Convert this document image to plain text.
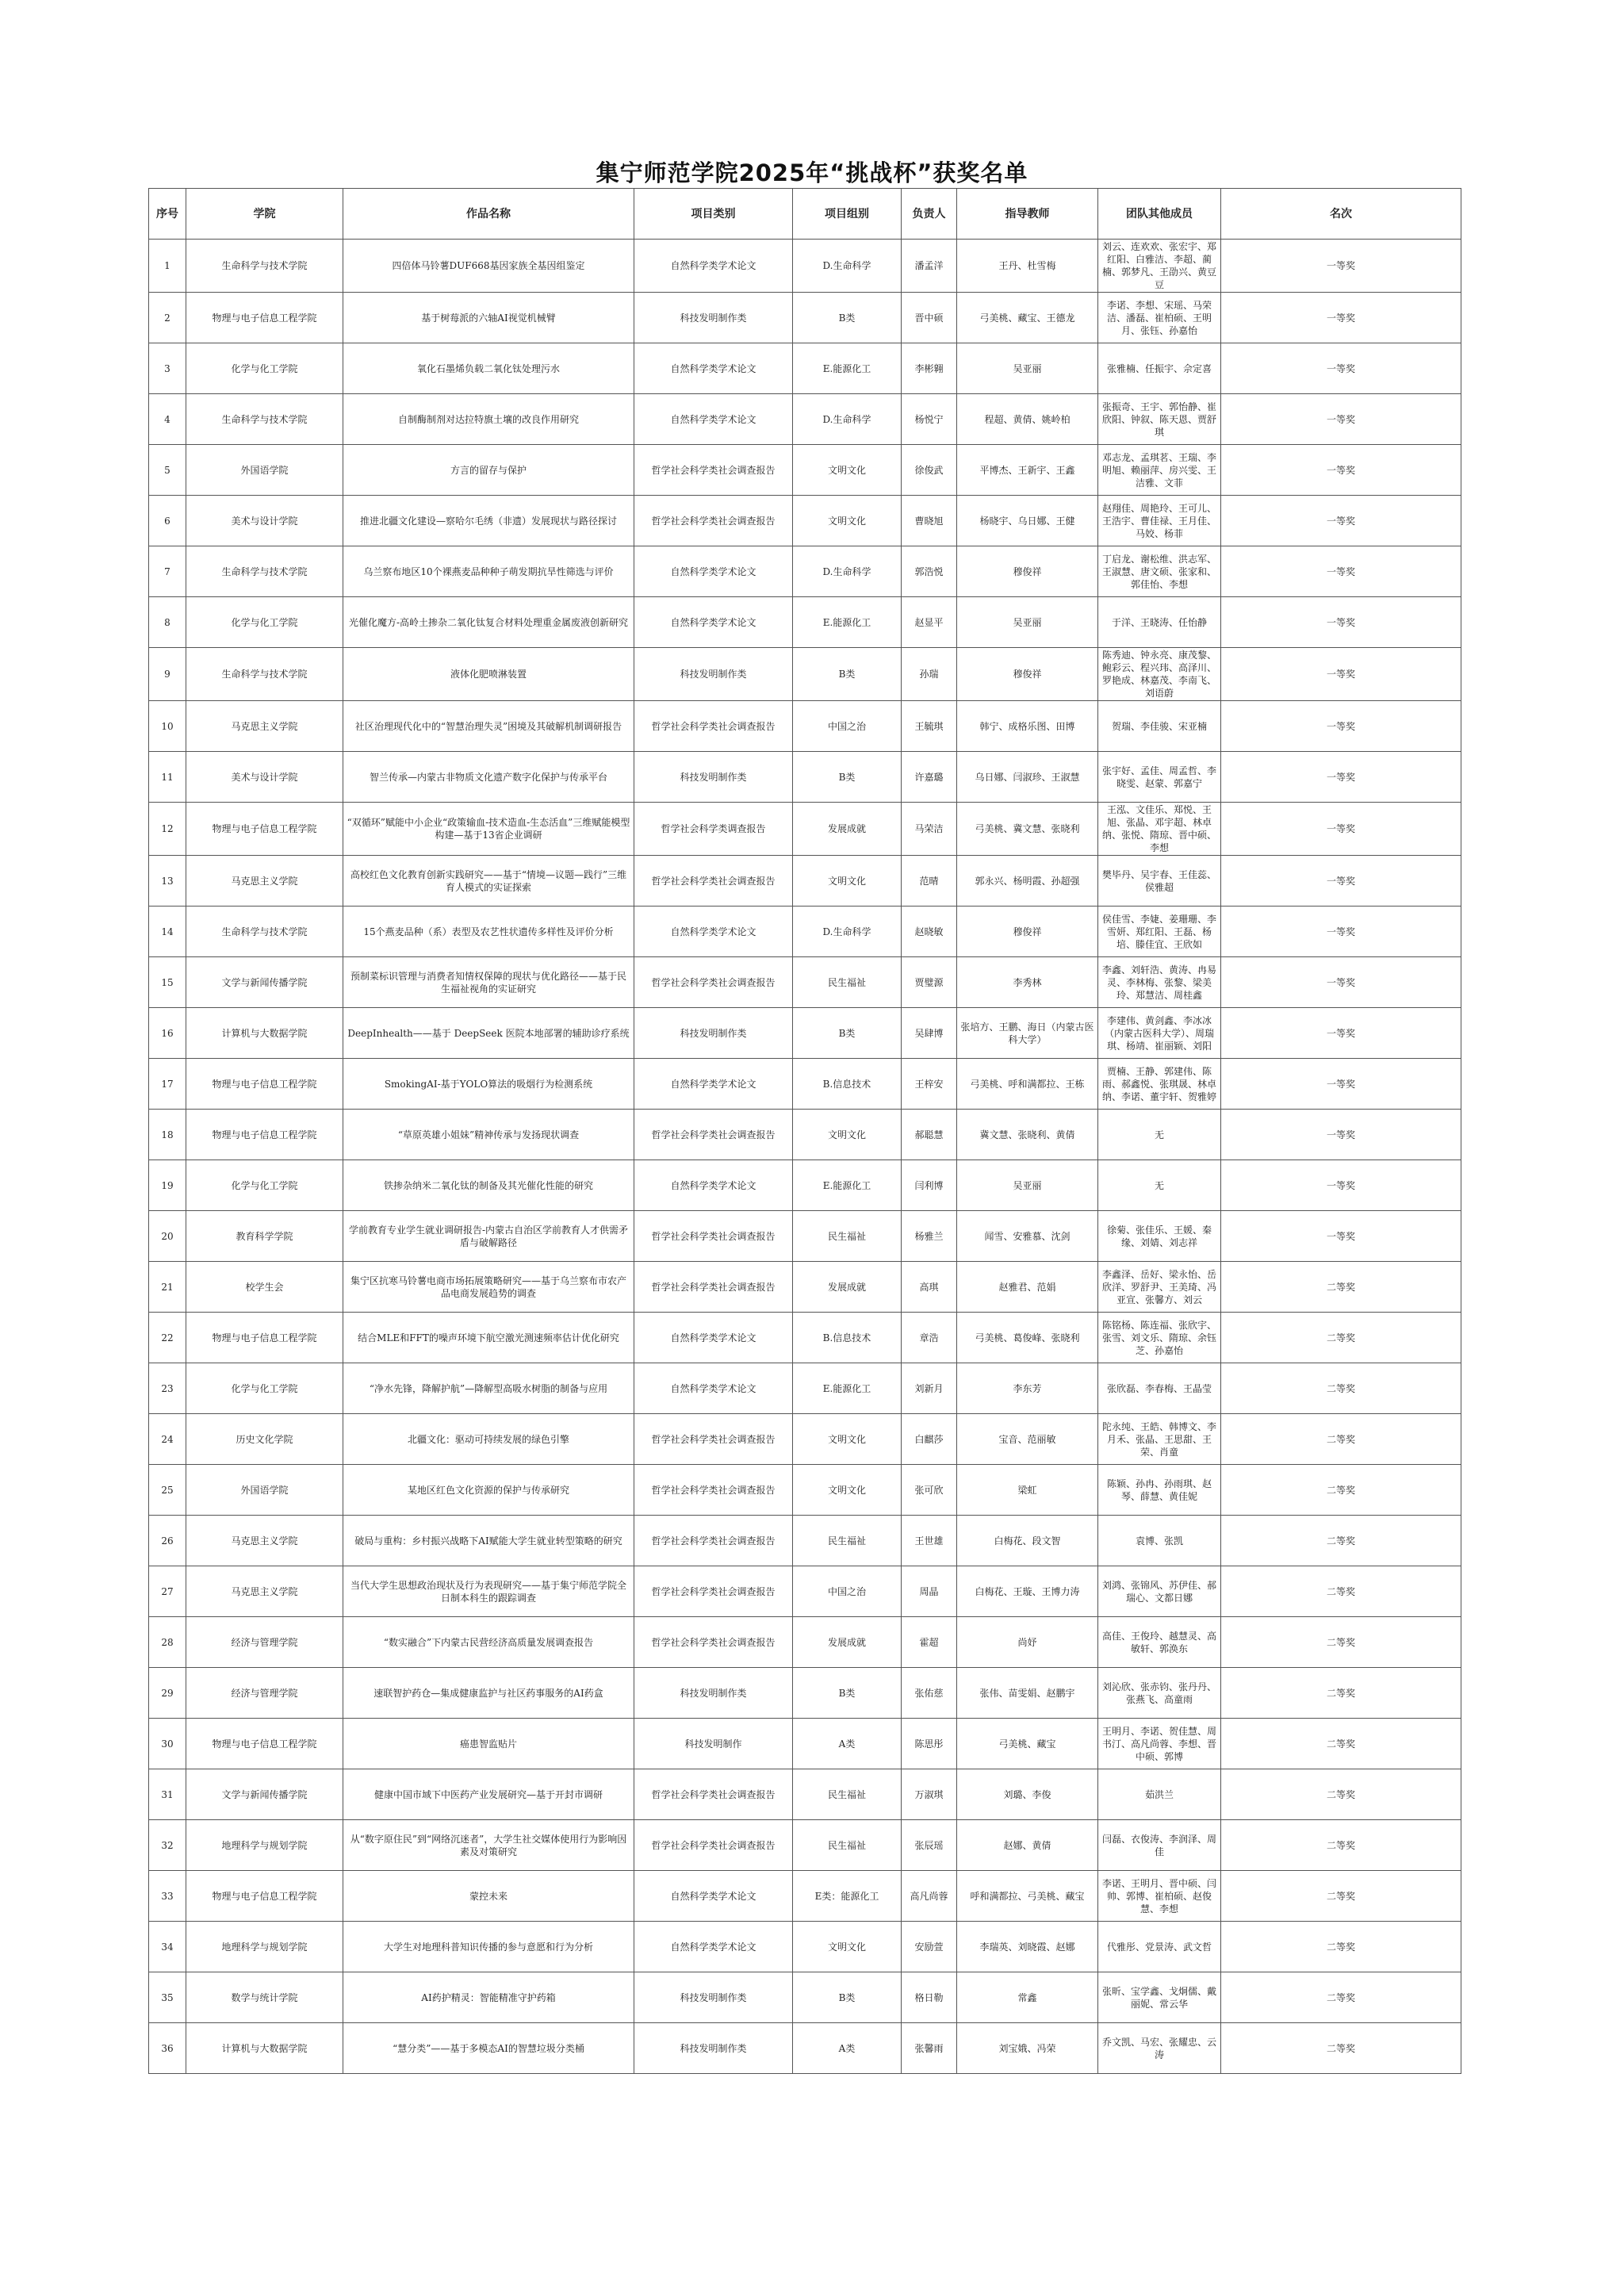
集宁师范学院2025年“挑战杯”获奖名单
序号	学院	作品名称	项目类别	项目组别	负责人	指导教师	团队其他成员	名次
1	生命科学与技术学院	四倍体马铃薯DUF668基因家族全基因组鉴定	自然科学类学术论文	D.生命科学	潘孟洋	王丹、杜雪梅	刘云、连欢欢、张宏宇、郑红阳、白雅洁、李超、蔺楠、郭梦凡、王劭兴、黄豆豆	一等奖
2	物理与电子信息工程学院	基于树莓派的六轴AI视觉机械臂	科技发明制作类	B类	晋中硕	弓美桃、藏宝、王德龙	李诺、李想、宋瑶、马荣洁、潘磊、崔柏硕、王明月、张钰、孙嘉怡	一等奖
3	化学与化工学院	氧化石墨烯负载二氧化钛处理污水	自然科学类学术论文	E.能源化工	李彬翱	吴亚丽	张雅楠、任振宇、佘定喜	一等奖
4	生命科学与技术学院	自制酶制剂对达拉特旗土壤的改良作用研究	自然科学类学术论文	D.生命科学	杨悦宁	程超、黄倩、姚岭柏	张振奇、王宇、郭怡静、崔欣阳、钟叙、陈天恩、贾舒琪	一等奖
5	外国语学院	方言的留存与保护	哲学社会科学类社会调查报告	文明文化	徐俊武	平博杰、王新宇、王鑫	邓志龙、孟琪茗、王瑞、李明旭、赖丽萍、房兴雯、王洁雅、文菲	一等奖
6	美术与设计学院	推进北疆文化建设—察哈尔毛绣（非遗）发展现状与路径探讨	哲学社会科学类社会调查报告	文明文化	曹晓旭	杨晓宇、乌日娜、王健	赵翔佳、周艳玲、王可儿、王浩宇、曹佳禄、王月佳、马姣、杨菲	一等奖
7	生命科学与技术学院	乌兰察布地区10个裸燕麦品种种子萌发期抗旱性筛选与评价	自然科学类学术论文	D.生命科学	郭浩悦	穆俊祥	丁启龙、谢松维、洪志军、王淑慧、唐文硕、张家和、郭佳怡、李想	一等奖
8	化学与化工学院	光催化魔方-高岭土掺杂二氧化钛复合材料处理重金属废液创新研究	自然科学类学术论文	E.能源化工	赵显平	吴亚丽	于洋、王晓涛、任怡静	一等奖
9	生命科学与技术学院	液体化肥喷淋装置	科技发明制作类	B类	孙瑞	穆俊祥	陈秀迪、钟永亮、康茂黎、鲍彩云、程兴玮、高泽川、罗艳成、林嘉茂、李南飞、刘语蔚	一等奖
10	马克思主义学院	社区治理现代化中的“智慧治理失灵”困境及其破解机制调研报告	哲学社会科学类社会调查报告	中国之治	王毓琪	韩宁、成格乐图、田博	贺瑞、李佳骏、宋亚楠	一等奖
11	美术与设计学院	智兰传承—内蒙古非物质文化遗产数字化保护与传承平台	科技发明制作类	B类	许嘉璐	乌日娜、闫淑珍、王淑慧	张宇好、孟佳、周孟哲、李晓雯、赵蒙、郭嘉宁	一等奖
12	物理与电子信息工程学院	“双循环”赋能中小企业“政策输血-技术造血-生态活血”三维赋能模型构建—基于13省企业调研	哲学社会科学类调查报告	发展成就	马荣洁	弓美桃、冀文慧、张晓利	王泓、文佳乐、郑悦、王旭、张晶、邓宇超、林卓纳、张悦、隋琼、晋中硕、李想	一等奖
13	马克思主义学院	高校红色文化教育创新实践研究——基于“情境—议题—践行”三维育人模式的实证探索	哲学社会科学类社会调查报告	文明文化	范晴	郭永兴、杨明霞、孙超强	樊毕丹、吴宇春、王佳蕊、侯雅超	一等奖
14	生命科学与技术学院	15个燕麦品种（系）表型及农艺性状遗传多样性及评价分析	自然科学类学术论文	D.生命科学	赵晓敏	穆俊祥	侯佳雪、李婕、姜珊珊、李雪妍、郑红阳、王磊、杨培、滕佳宜、王欣如	一等奖
15	文学与新闻传播学院	预制菜标识管理与消费者知情权保障的现状与优化路径——基于民生福祉视角的实证研究	哲学社会科学类社会调查报告	民生福祉	贾璧源	李秀林	李鑫、刘轩浩、黄涛、冉易灵、李林梅、张黎、梁美玲、郑慧洁、周桂鑫	一等奖
16	计算机与大数据学院	DeepInhealth——基于 DeepSeek 医院本地部署的辅助诊疗系统	科技发明制作类	B类	吴肆博	张培方、王鹏、海日（内蒙古医科大学）	李建伟、黄剑鑫、李冰冰（内蒙古医科大学）、周瑞琪、杨靖、崔丽颖、刘阳	一等奖
17	物理与电子信息工程学院	SmokingAI-基于YOLO算法的吸烟行为检测系统	自然科学类学术论文	B.信息技术	王梓安	弓美桃、呼和满都拉、王栋	贾楠、王静、郭建伟、陈雨、郝鑫悦、张琪晟、林卓纳、李诺、董宇轩、贺雅婷	一等奖
18	物理与电子信息工程学院	“草原英雄小姐妹”精神传承与发扬现状调查	哲学社会科学类社会调查报告	文明文化	郝聪慧	冀文慧、张晓利、黄倩	无	一等奖
19	化学与化工学院	铁掺杂纳米二氧化钛的制备及其光催化性能的研究	自然科学类学术论文	E.能源化工	闫利博	吴亚丽	无	一等奖
20	教育科学学院	学前教育专业学生就业调研报告-内蒙古自治区学前教育人才供需矛盾与破解路径	哲学社会科学类社会调查报告	民生福祉	杨雅兰	闻雪、安雅慕、沈剑	徐菊、张佳乐、王媛、秦缘、刘婧、刘志祥	一等奖
21	校学生会	集宁区抗寒马铃薯电商市场拓展策略研究——基于乌兰察布市农产品电商发展趋势的调查	哲学社会科学类社会调查报告	发展成就	高琪	赵雅君、范娟	李鑫泽、岳好、梁永怡、岳欣洋、罗舒尹、王美琦、冯亚宣、张馨方、刘云	二等奖
22	物理与电子信息工程学院	结合MLE和FFT的噪声环境下航空激光测速频率估计优化研究	自然科学类学术论文	B.信息技术	章浩	弓美桃、葛俊峰、张晓利	陈铭杨、陈连福、张欣宇、张雪、刘文乐、隋琼、余钰芝、孙嘉怡	二等奖
23	化学与化工学院	“净水先锋，降解护航”—降解型高吸水树脂的制备与应用	自然科学类学术论文	E.能源化工	刘新月	李东芳	张欣磊、李春梅、王晶莹	二等奖
24	历史文化学院	北疆文化：驱动可持续发展的绿色引擎	哲学社会科学类社会调查报告	文明文化	白麒莎	宝音、范丽敏	陀永纯、王皓、韩博文、李月禾、张晶、王思甜、王荣、肖童	二等奖
25	外国语学院	某地区红色文化资源的保护与传承研究	哲学社会科学类社会调查报告	文明文化	张可欣	梁虹	陈颖、孙冉、孙雨琪、赵琴、薛慧、黄佳妮	二等奖
26	马克思主义学院	破局与重构：乡村振兴战略下AI赋能大学生就业转型策略的研究	哲学社会科学类社会调查报告	民生福祉	王世雄	白梅花、段文智	袁博、张凯	二等奖
27	马克思主义学院	当代大学生思想政治现状及行为表现研究——基于集宁师范学院全日制本科生的跟踪调查	哲学社会科学类社会调查报告	中国之治	周晶	白梅花、王璇、王博力涛	刘鸿、张锦风、苏伊佳、郝瑞心、文都日娜	二等奖
28	经济与管理学院	“数实融合”下内蒙古民营经济高质量发展调查报告	哲学社会科学类社会调查报告	发展成就	霍超	尚妤	高佳、王俊玲、越慧灵、高敏轩、郭涣东	二等奖
29	经济与管理学院	速联智护药仓—集成健康监护与社区药事服务的AI药盒	科技发明制作类	B类	张佑慈	张伟、苗雯娟、赵鹏宇	刘沁欣、张赤钧、张丹丹、张燕飞、高童雨	二等奖
30	物理与电子信息工程学院	癌患智监贴片	科技发明制作	A类	陈思彤	弓美桃、藏宝	王明月、李诺、贺佳慧、周书汀、高凡尚蓉、李想、晋中硕、郭博	二等奖
31	文学与新闻传播学院	健康中国市域下中医药产业发展研究—基于开封市调研	哲学社会科学类社会调查报告	民生福祉	万淑琪	刘璐、李俊	茹洪兰	二等奖
32	地理科学与规划学院	从“数字原住民”到“网络沉迷者”，大学生社交媒体使用行为影响因素及对策研究	哲学社会科学类社会调查报告	民生福祉	张辰瑶	赵娜、黄倩	闫磊、衣俊涛、李润泽、周佳	二等奖
33	物理与电子信息工程学院	蒙控未来	自然科学类学术论文	E类：能源化工	高凡尚蓉	呼和满都拉、弓美桃、藏宝	李诺、王明月、晋中硕、闫帅、郭博、崔柏硕、赵俊慧、李想	二等奖
34	地理科学与规划学院	大学生对地理科普知识传播的参与意愿和行为分析	自然科学类学术论文	文明文化	安励萱	李瑞英、刘晓霞、赵娜	代雅彤、党景涛、武文哲	二等奖
35	数学与统计学院	AI药护精灵：智能精准守护药箱	科技发明制作类	B类	格日勒	常鑫	张昕、宝学鑫、戈炯儒、戴丽妮、常云华	二等奖
36	计算机与大数据学院	“慧分类”——基于多模态AI的智慧垃圾分类桶	科技发明制作类	A类	张馨雨	刘宝娥、冯荣	乔文凯、马宏、张耀忠、云涛	二等奖
